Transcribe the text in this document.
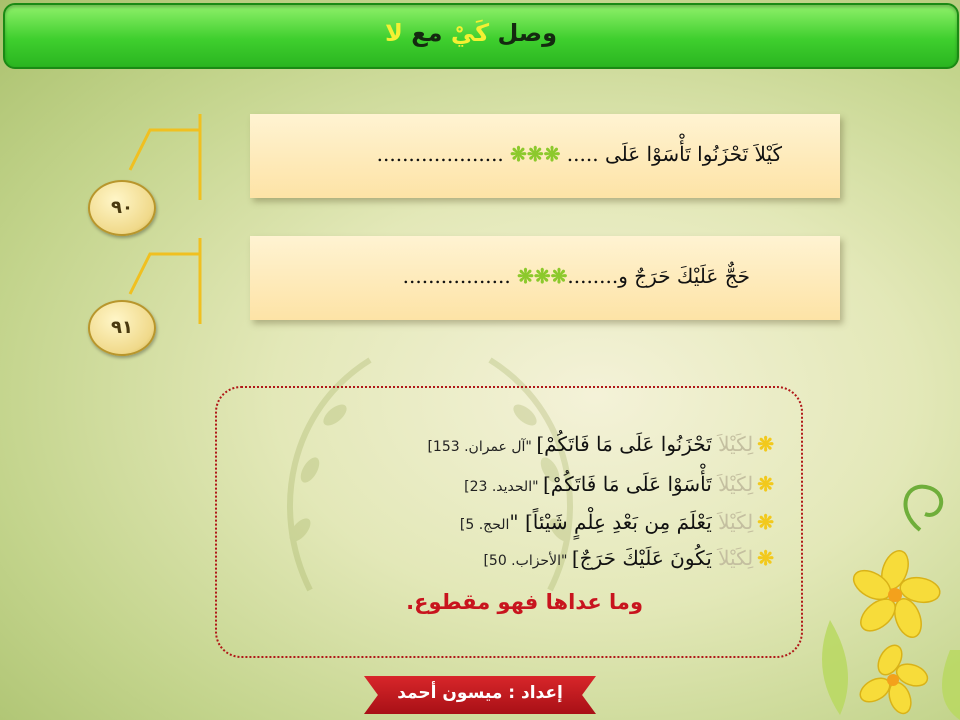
وصل كَيْ مع لا
٩٠
٩١
كَيْلاَ تَحْزَنُوا تَأْسَوْا عَلَى ..... ❋❋❋ ....................
حَجٌّ عَلَيْكَ حَرَجٌ و........❋❋❋ .................
❋لِكَيْلاَ تَحْزَنُوا عَلَى مَا فَاتَكُمْ] "آل عمران. 153]
❋لِكَيْلاَ تَأْسَوْا عَلَى مَا فَاتَكُمْ] "الحديد. 23]
❋لِكَيْلاَ يَعْلَمَ مِن بَعْدِ عِلْمٍ شَيْئاً] "الحج. 5]
❋لِكَيْلاَ يَكُونَ عَلَيْكَ حَرَجٌ] "الأحزاب. 50]
وما عداها فهو مقطوع.
إعداد : ميسون أحمد
